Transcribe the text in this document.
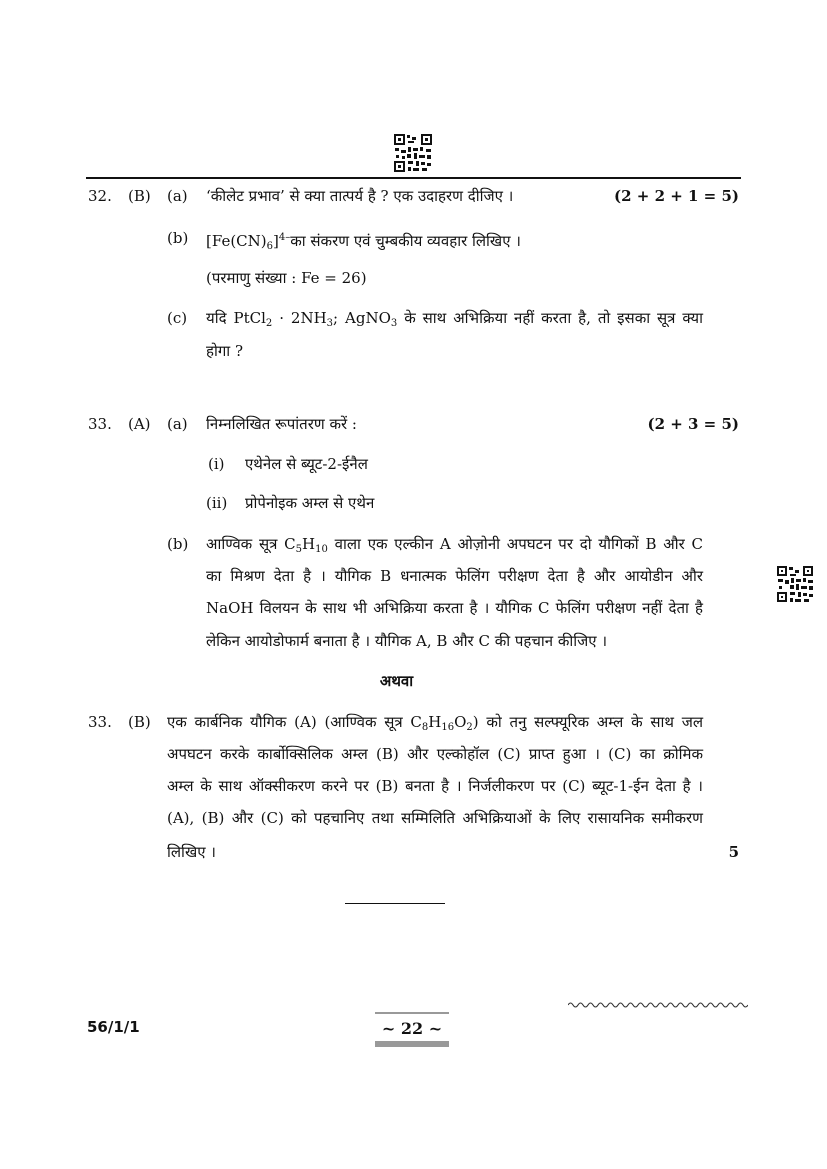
32. (B) (a) ‘कीलेट प्रभाव’ से क्या तात्पर्य है ? एक उदाहरण दीजिए ।	(2 + 2 + 1 = 5)
(b) $[Fe(CN)_6]^{4-}का$ संकरण एवं चुम्बकीय व्यवहार लिखिए ।
(परमाणु संख्या : Fe = 26)
(c) यदि PtCl$_2$ · $2NH_3$; AgNO$_3$ के साथ अभिक्रिया नहीं करता है, तो इसका सूत्र क्या
होगा ?
33. (A) (a) निम्नलिखित रूपांतरण करें :	(2 + 3 = 5)
(i) एथेनेल से ब्यूट-2-ईनैल
(ii) प्रोपेनोइक अम्ल से एथेन
(b) आण्विक सूत्र $C_5H_{10}$ वाला एक एल्कीन A ओज़ोनी अपघटन पर दो यौगिकों B और C
का मिश्रण देता है । यौगिक B धनात्मक फेलिंग परीक्षण देता है और आयोडीन और
NaOH विलयन के साथ भी अभिक्रिया करता है । यौगिक C फेलिंग परीक्षण नहीं देता है
लेकिन आयोडोफार्म बनाता है । यौगिक A, B और C की पहचान कीजिए ।
अथवा
33. (B) एक कार्बनिक यौगिक (A) (आण्विक सूत्र $C_8H_{16}O_2$) को तनु सल्फ्यूरिक अम्ल के साथ जल
अपघटन करके कार्बोक्सिलिक अम्ल (B) और एल्कोहॉल (C) प्राप्त हुआ । (C) का क्रोमिक
अम्ल के साथ ऑक्सीकरण करने पर (B) बनता है । निर्जलीकरण पर (C) ब्यूट-1-ईन देता है ।
(A), (B) और (C) को पहचानिए तथा सम्मिलिति अभिक्रियाओं के लिए रासायनिक समीकरण
लिखिए ।	5
56/1/1	~ 22 ~
